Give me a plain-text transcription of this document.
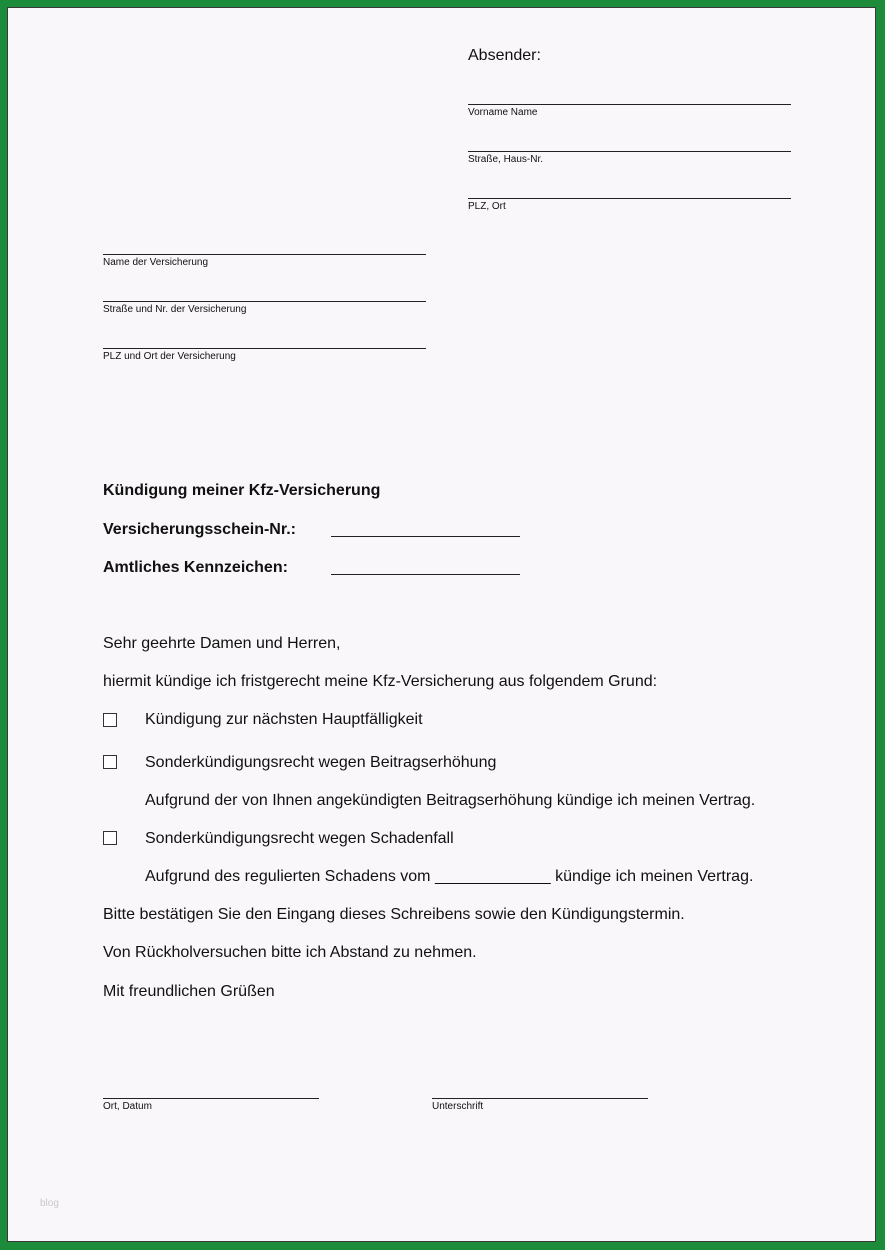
Absender:
Vorname Name
Straße, Haus-Nr.
PLZ, Ort
Name der Versicherung
Straße und Nr. der Versicherung
PLZ und Ort der Versicherung
Kündigung meiner Kfz-Versicherung
Versicherungsschein-Nr.:
Amtliches Kennzeichen:
Sehr geehrte Damen und Herren,
hiermit kündige ich fristgerecht meine Kfz-Versicherung aus folgendem Grund:
Kündigung zur nächsten Hauptfälligkeit
Sonderkündigungsrecht wegen Beitragserhöhung
Aufgrund der von Ihnen angekündigten Beitragserhöhung kündige ich meinen Vertrag.
Sonderkündigungsrecht wegen Schadenfall
Aufgrund des regulierten Schadens vom _____________ kündige ich meinen Vertrag.
Bitte bestätigen Sie den Eingang dieses Schreibens sowie den Kündigungstermin.
Von Rückholversuchen bitte ich Abstand zu nehmen.
Mit freundlichen Grüßen
Ort, Datum	Unterschrift
blog
